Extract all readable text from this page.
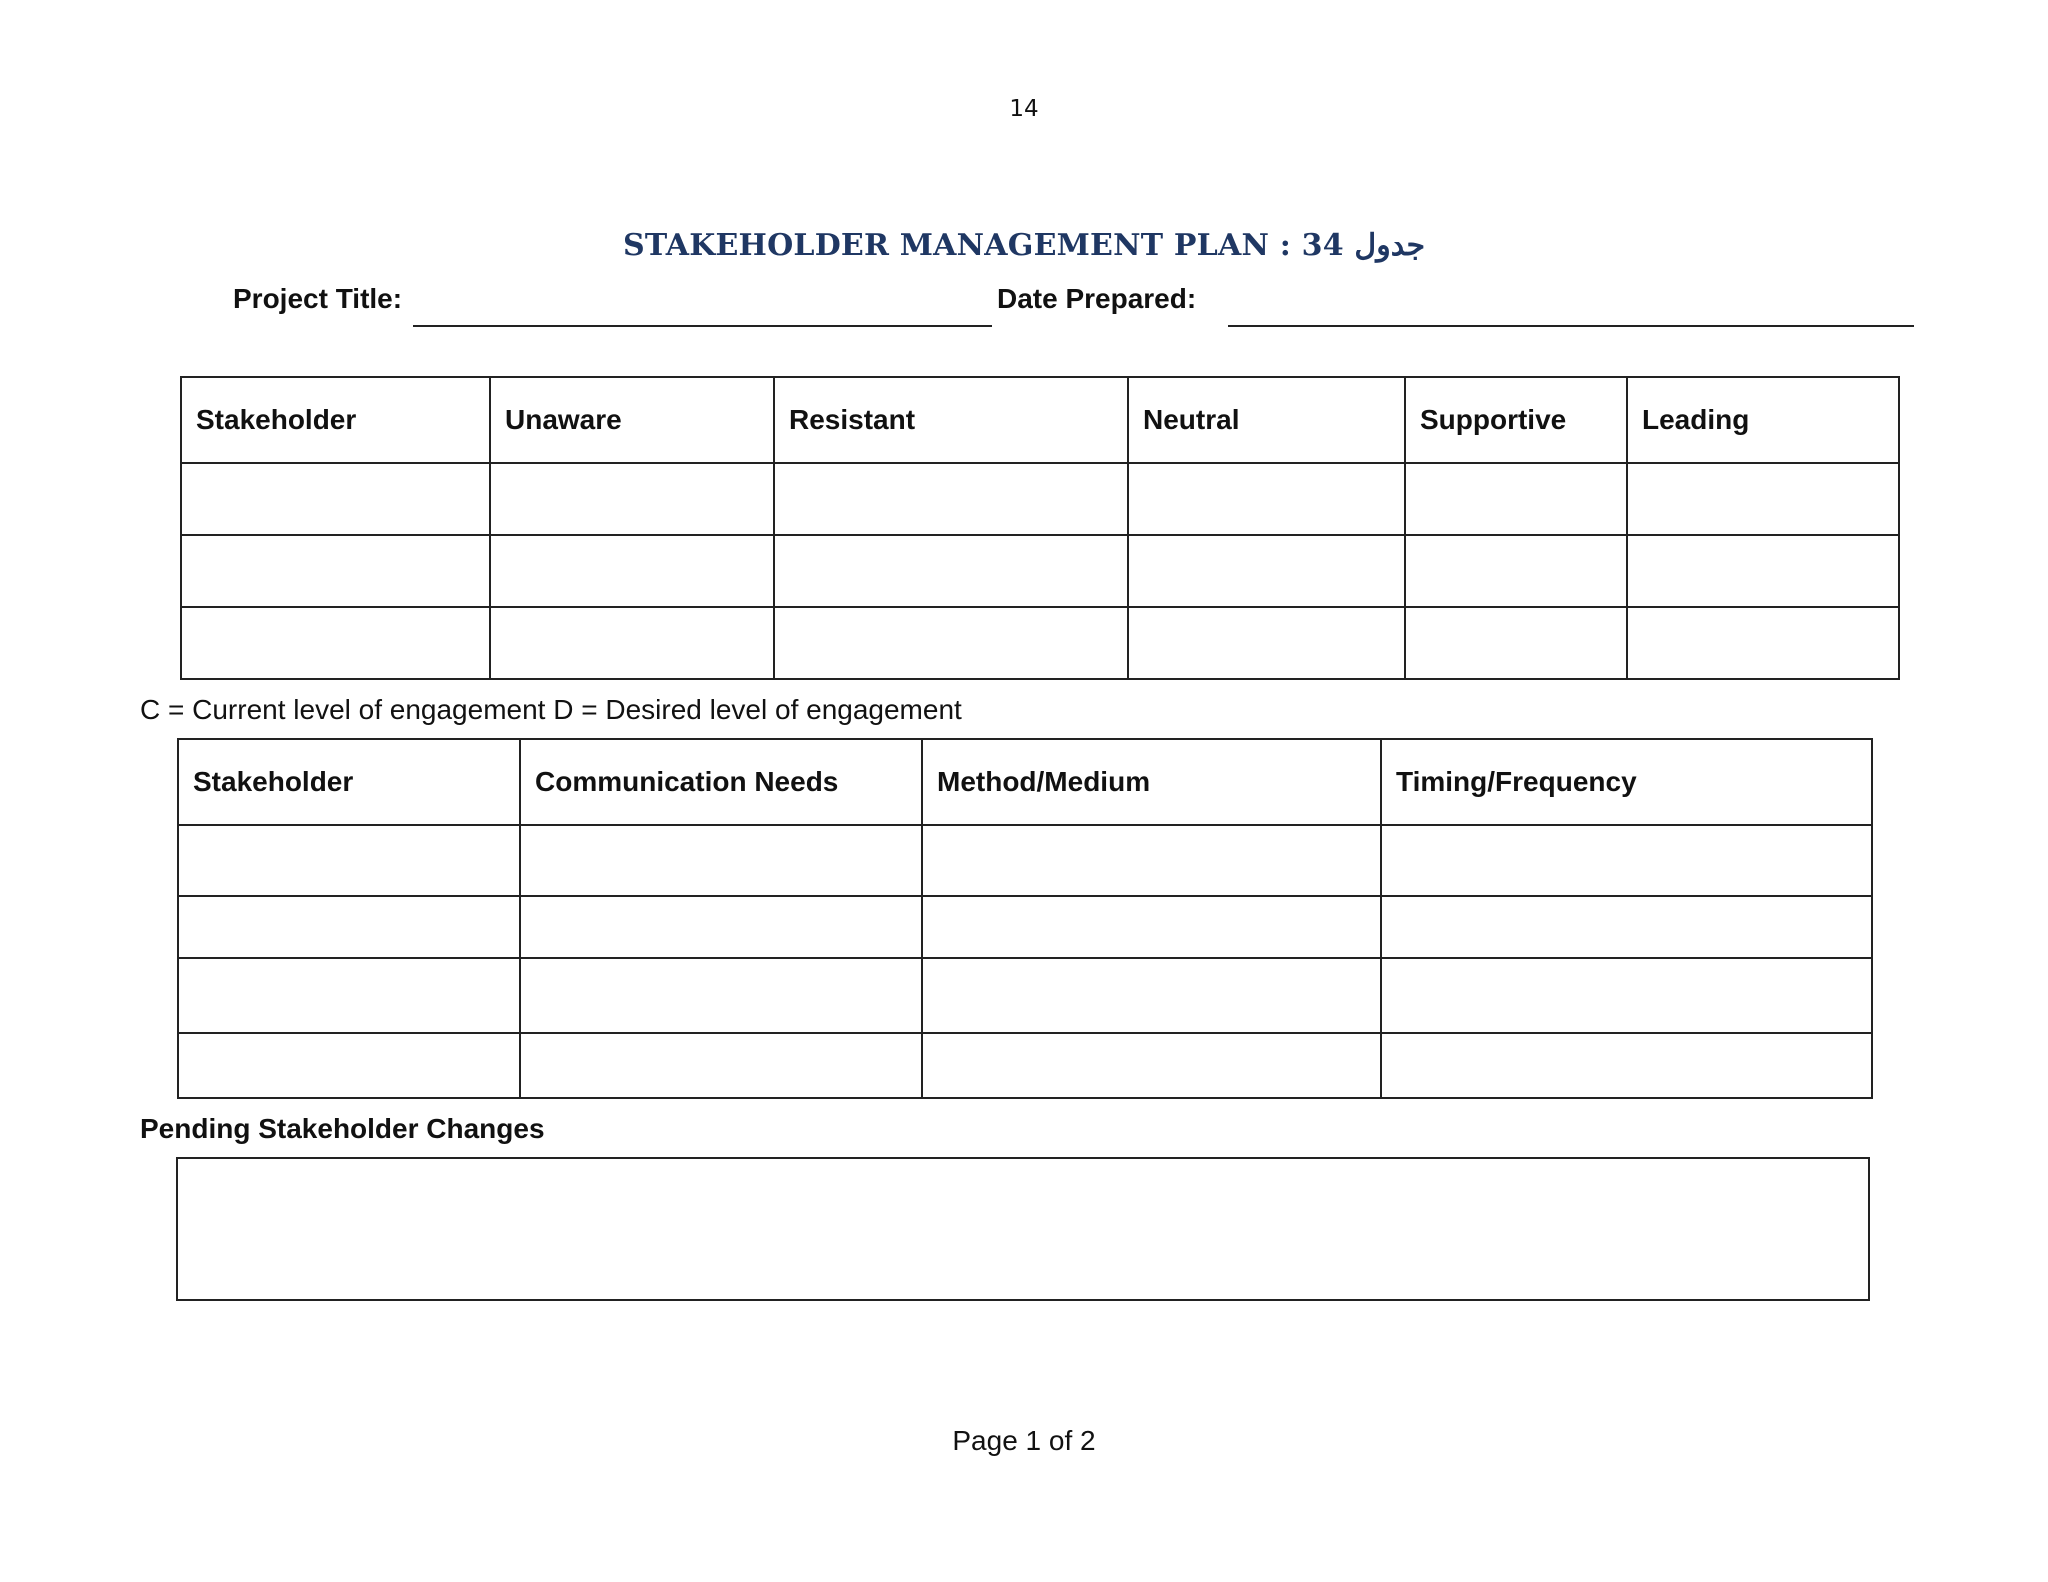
14
STAKEHOLDER MANAGEMENT PLAN : 34 جدول
Project Title:	Date Prepared:
Stakeholder	Unaware	Resistant	Neutral	Supportive	Leading

C = Current level of engagement D = Desired level of engagement
Stakeholder	Communication Needs	Method/Medium	Timing/Frequency

Pending Stakeholder Changes
Page 1 of 2
